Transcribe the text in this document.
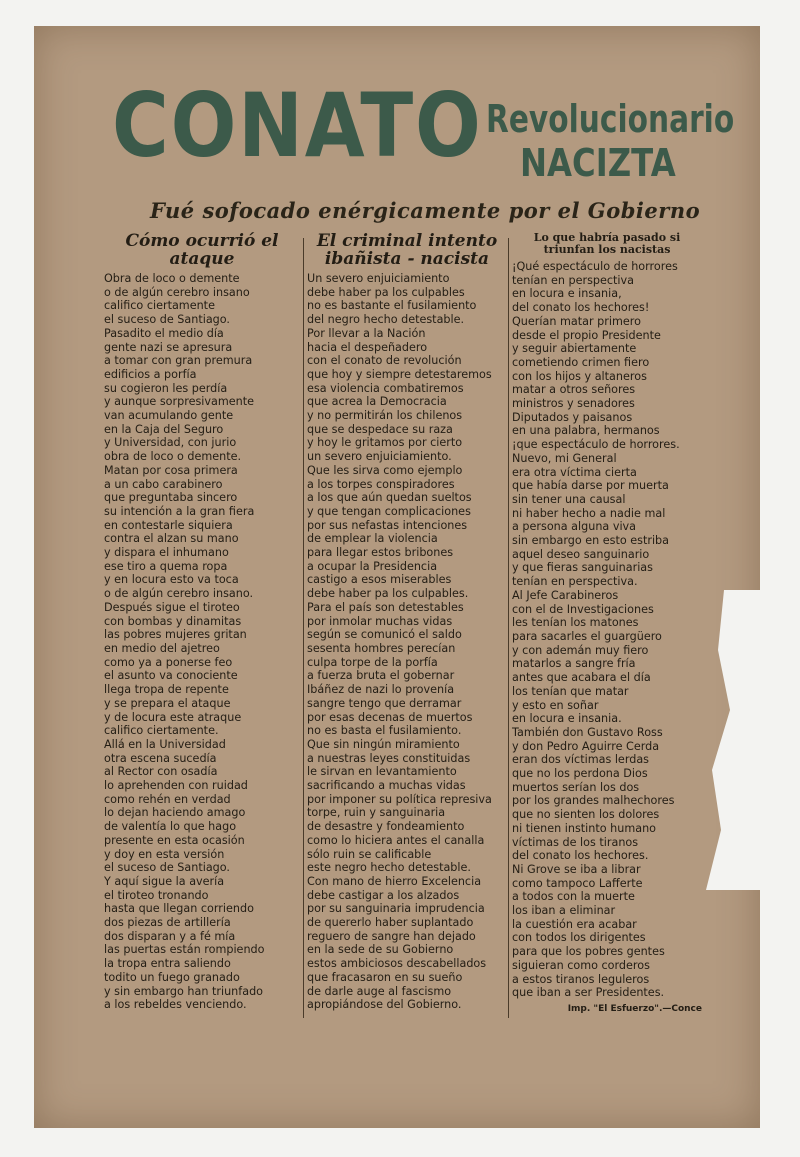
CONATO Revolucionario
NACIZTA
Fué sofocado enérgicamente por el Gobierno
Cómo ocurrió el ataque
Obra de loco o demente
o de algún cerebro insano
califico ciertamente
el suceso de Santiago.
Pasadito el medio día
gente nazi se apresura
a tomar con gran premura
edificios a porfía
su cogieron les perdía
y aunque sorpresivamente
van acumulando gente
en la Caja del Seguro
y Universidad, con jurio
obra de loco o demente.
Matan por cosa primera
a un cabo carabinero
que preguntaba sincero
su intención a la gran fiera
en contestarle siquiera
contra el alzan su mano
y dispara el inhumano
ese tiro a quema ropa
y en locura esto va toca
o de algún cerebro insano.
Después sigue el tiroteo
con bombas y dinamitas
las pobres mujeres gritan
en medio del ajetreo
como ya a ponerse feo
el asunto va conociente
llega tropa de repente
y se prepara el ataque
y de locura este atraque
califico ciertamente.
Allá en la Universidad
otra escena sucedía
al Rector con osadía
lo aprehenden con ruidad
como rehén en verdad
lo dejan haciendo amago
de valentía lo que hago
presente en esta ocasión
y doy en esta versión
el suceso de Santiago.
Y aquí sigue la avería
el tiroteo tronando
hasta que llegan corriendo
dos piezas de artillería
dos disparan y a fé mía
las puertas están rompiendo
la tropa entra saliendo
todito un fuego granado
y sin embargo han triunfado
a los rebeldes venciendo.
El criminal intento ibañista - nacista
Un severo enjuiciamiento
debe haber pa los culpables
no es bastante el fusilamiento
del negro hecho detestable.
Por llevar a la Nación
hacia el despeñadero
con el conato de revolución
que hoy y siempre detestaremos
esa violencia combatiremos
que acrea la Democracia
y no permitirán los chilenos
que se despedace su raza
y hoy le gritamos por cierto
un severo enjuiciamiento.
Que les sirva como ejemplo
a los torpes conspiradores
a los que aún quedan sueltos
y que tengan complicaciones
por sus nefastas intenciones
de emplear la violencia
para llegar estos bribones
a ocupar la Presidencia
castigo a esos miserables
debe haber pa los culpables.
Para el país son detestables
por inmolar muchas vidas
según se comunicó el saldo
sesenta hombres perecían
culpa torpe de la porfía
a fuerza bruta el gobernar
Ibáñez de nazi lo provenía
sangre tengo que derramar
por esas decenas de muertos
no es basta el fusilamiento.
Que sin ningún miramiento
a nuestras leyes constituidas
le sirvan en levantamiento
sacrificando a muchas vidas
por imponer su política represiva
torpe, ruin y sanguinaria
de desastre y fondeamiento
como lo hiciera antes el canalla
sólo ruin se calificable
este negro hecho detestable.
Con mano de hierro Excelencia
debe castigar a los alzados
por su sanguinaria imprudencia
de quererlo haber suplantado
reguero de sangre han dejado
en la sede de su Gobierno
estos ambiciosos descabellados
que fracasaron en su sueño
de darle auge al fascismo
apropiándose del Gobierno.
Lo que habría pasado si triunfan los nacistas
¡Qué espectáculo de horrores
tenían en perspectiva
en locura e insania,
del conato los hechores!
Querían matar primero
desde el propio Presidente
y seguir abiertamente
cometiendo crimen fiero
con los hijos y altaneros
matar a otros señores
ministros y senadores
Diputados y paisanos
en una palabra, hermanos
¡que espectáculo de horrores.
Nuevo, mi General
era otra víctima cierta
que había darse por muerta
sin tener una causal
ni haber hecho a nadie mal
a persona alguna viva
sin embargo en esto estriba
aquel deseo sanguinario
y que fieras sanguinarias
tenían en perspectiva.
Al Jefe Carabineros
con el de Investigaciones
les tenían los matones
para sacarles el guargüero
y con ademán muy fiero
matarlos a sangre fría
antes que acabara el día
los tenían que matar
y esto en soñar
en locura e insania.
También don Gustavo Ross
y don Pedro Aguirre Cerda
eran dos víctimas lerdas
que no los perdona Dios
muertos serían los dos
por los grandes malhechores
que no sienten los dolores
ni tienen instinto humano
víctimas de los tiranos
del conato los hechores.
Ni Grove se iba a librar
como tampoco Lafferte
a todos con la muerte
los iban a eliminar
la cuestión era acabar
con todos los dirigentes
para que los pobres gentes
siguieran como corderos
a estos tiranos leguleros
que iban a ser Presidentes.
Imp. "El Esfuerzo".—Conce
